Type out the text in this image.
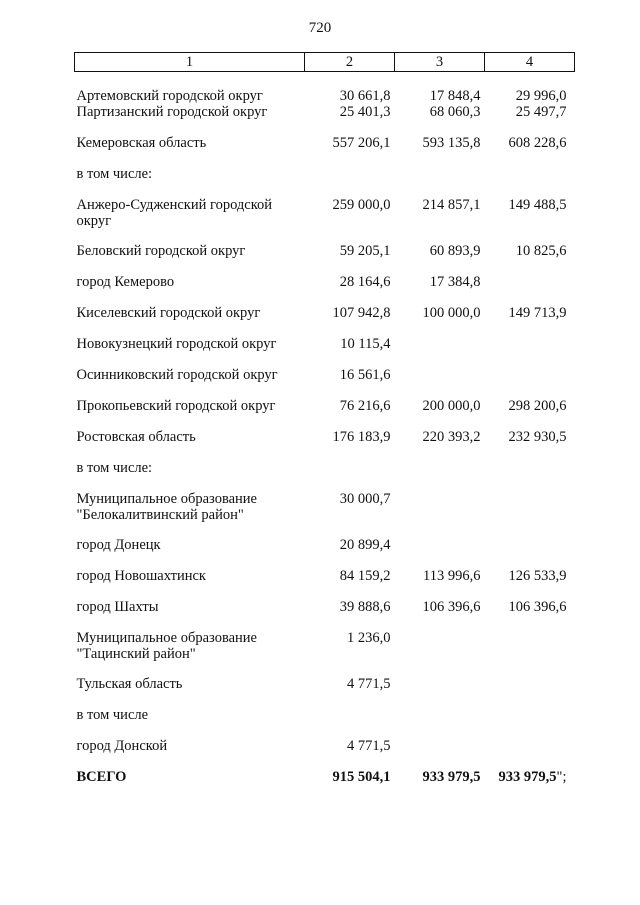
720
1	2	3	4
Артемовский городской округ	30 661,8	17 848,4	29 996,0
Партизанский городской округ	25 401,3	68 060,3	25 497,7
Кемеровская область	557 206,1	593 135,8	608 228,6
в том числе:			
Анжеро-Судженский городской округ	259 000,0	214 857,1	149 488,5
Беловский городской округ	59 205,1	60 893,9	10 825,6
город Кемерово	28 164,6	17 384,8	
Киселевский городской округ	107 942,8	100 000,0	149 713,9
Новокузнецкий городской округ	10 115,4		
Осинниковский городской округ	16 561,6		
Прокопьевский городской округ	76 216,6	200 000,0	298 200,6
Ростовская область	176 183,9	220 393,2	232 930,5
в том числе:			
Муниципальное образование "Белокалитвинский район"	30 000,7		
город Донецк	20 899,4		
город Новошахтинск	84 159,2	113 996,6	126 533,9
город Шахты	39 888,6	106 396,6	106 396,6
Муниципальное образование "Тацинский район"	1 236,0		
Тульская область	4 771,5		
в том числе			
город Донской	4 771,5		
ВСЕГО	915 504,1	933 979,5	933 979,5";
